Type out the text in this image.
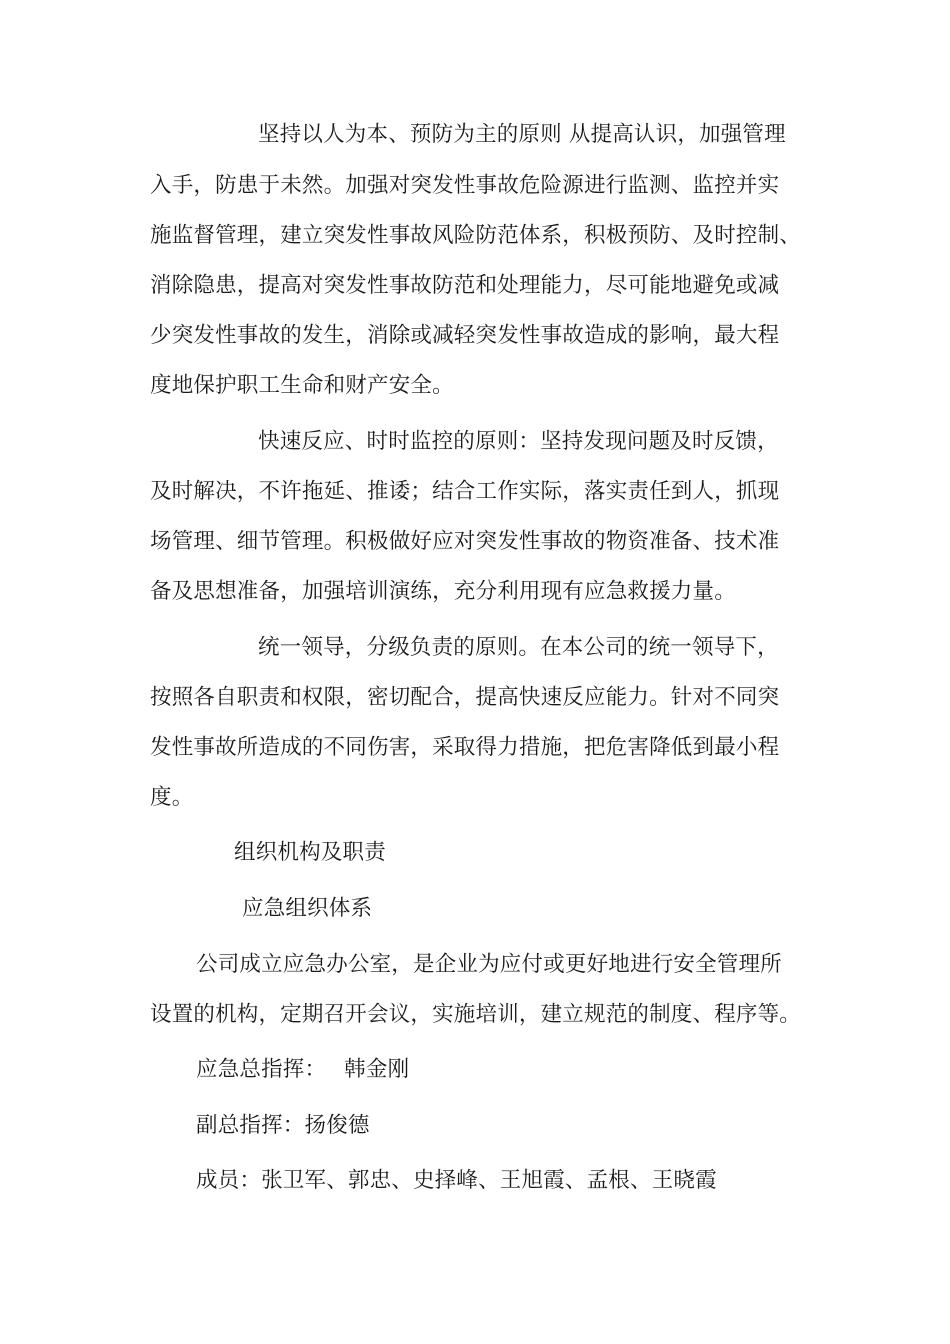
坚持以人为本、预防为主的原则 从提高认识，加强管理
入手，防患于未然。加强对突发性事故危险源进行监测、监控并实
施监督管理，建立突发性事故风险防范体系，积极预防、及时控制、
消除隐患，提高对突发性事故防范和处理能力，尽可能地避免或减
少突发性事故的发生，消除或减轻突发性事故造成的影响，最大程
度地保护职工生命和财产安全。
快速反应、时时监控的原则：坚持发现问题及时反馈，
及时解决，不许拖延、推诿；结合工作实际，落实责任到人，抓现
场管理、细节管理。积极做好应对突发性事故的物资准备、技术准
备及思想准备，加强培训演练，充分利用现有应急救援力量。
统一领导，分级负责的原则。在本公司的统一领导下，
按照各自职责和权限，密切配合，提高快速反应能力。针对不同突
发性事故所造成的不同伤害，采取得力措施，把危害降低到最小程
度。
组织机构及职责
应急组织体系
公司成立应急办公室，是企业为应付或更好地进行安全管理所
设置的机构，定期召开会议，实施培训，建立规范的制度、程序等。
应急总指挥：　 韩金刚
副总指挥：扬俊德
成员：张卫军、郭忠、史择峰、王旭霞、孟根、王晓霞
